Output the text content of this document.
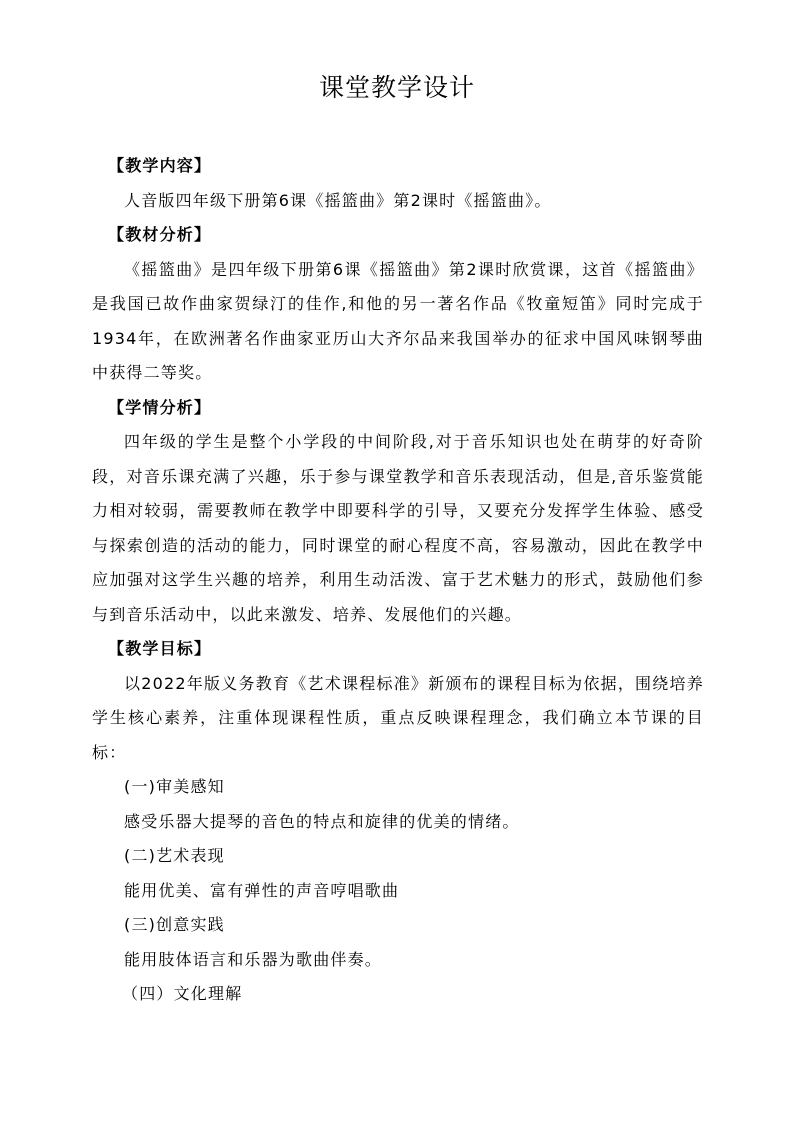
课堂教学设计

【教学内容】

人音版四年级下册第6课《摇篮曲》第2课时《摇篮曲》。

【教材分析】

《摇篮曲》是四年级下册第6课《摇篮曲》第2课时欣赏课，这首《摇篮曲》是我国已故作曲家贺绿汀的佳作,和他的另一著名作品《牧童短笛》同时完成于1934年，在欧洲著名作曲家亚历山大齐尔品来我国举办的征求中国风味钢琴曲中获得二等奖。

【学情分析】

四年级的学生是整个小学段的中间阶段,对于音乐知识也处在萌芽的好奇阶段，对音乐课充满了兴趣，乐于参与课堂教学和音乐表现活动，但是,音乐鉴赏能力相对较弱，需要教师在教学中即要科学的引导，又要充分发挥学生体验、感受与探索创造的活动的能力，同时课堂的耐心程度不高，容易激动，因此在教学中应加强对这学生兴趣的培养，利用生动活泼、富于艺术魅力的形式，鼓励他们参与到音乐活动中，以此来激发、培养、发展他们的兴趣。

【教学目标】

以2022年版义务教育《艺术课程标准》新颁布的课程目标为依据，围绕培养学生核心素养，注重体现课程性质，重点反映课程理念，我们确立本节课的目标：

(一)审美感知

感受乐器大提琴的音色的特点和旋律的优美的情绪。

(二)艺术表现

能用优美、富有弹性的声音哼唱歌曲

(三)创意实践

能用肢体语言和乐器为歌曲伴奏。

（四）文化理解
